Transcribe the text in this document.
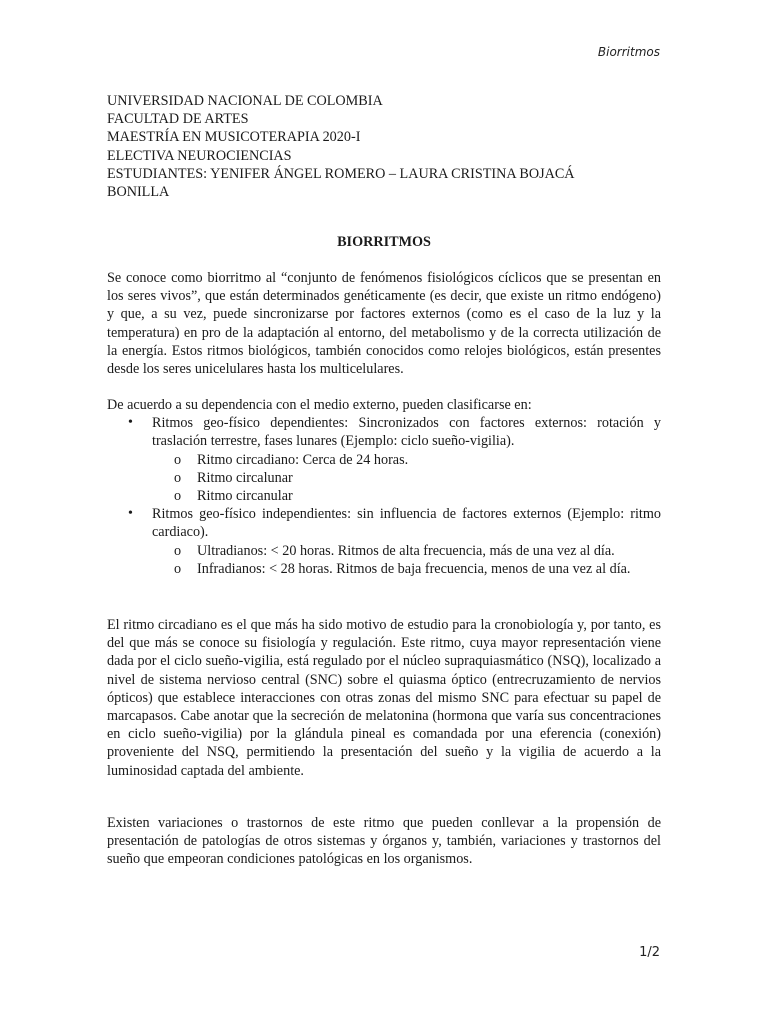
Biorritmos

UNIVERSIDAD NACIONAL DE COLOMBIA

FACULTAD DE ARTES

MAESTRÍA EN MUSICOTERAPIA 2020-I

ELECTIVA NEUROCIENCIAS

ESTUDIANTES: YENIFER ÁNGEL ROMERO – LAURA CRISTINA BOJACÁ

BONILLA

BIORRITMOS

Se conoce como biorritmo al “conjunto de fenómenos fisiológicos cíclicos que se presentan en los seres vivos”, que están determinados genéticamente (es decir, que existe un ritmo endógeno) y que, a su vez, puede sincronizarse por factores externos (como es el caso de la luz y la temperatura) en pro de la adaptación al entorno, del metabolismo y de la correcta utilización de la energía. Estos ritmos biológicos, también conocidos como relojes biológicos, están presentes desde los seres unicelulares hasta los multicelulares.

De acuerdo a su dependencia con el medio externo, pueden clasificarse en:

• Ritmos geo-físico dependientes: Sincronizados con factores externos: rotación y traslación terrestre, fases lunares (Ejemplo: ciclo sueño-vigilia).
o Ritmo circadiano: Cerca de 24 horas.
o Ritmo circalunar
o Ritmo circanular
• Ritmos geo-físico independientes: sin influencia de factores externos (Ejemplo: ritmo cardiaco).
o Ultradianos: < 20 horas. Ritmos de alta frecuencia, más de una vez al día.
o Infradianos: < 28 horas. Ritmos de baja frecuencia, menos de una vez al día.

El ritmo circadiano es el que más ha sido motivo de estudio para la cronobiología y, por tanto, es del que más se conoce su fisiología y regulación. Este ritmo, cuya mayor representación viene dada por el ciclo sueño-vigilia, está regulado por el núcleo supraquiasmático (NSQ), localizado a nivel de sistema nervioso central (SNC) sobre el quiasma óptico (entrecruzamiento de nervios ópticos) que establece interacciones con otras zonas del mismo SNC para efectuar su papel de marcapasos. Cabe anotar que la secreción de melatonina (hormona que varía sus concentraciones en ciclo sueño-vigilia) por la glándula pineal es comandada por una eferencia (conexión) proveniente del NSQ, permitiendo la presentación del sueño y la vigilia de acuerdo a la luminosidad captada del ambiente.

Existen variaciones o trastornos de este ritmo que pueden conllevar a la propensión de presentación de patologías de otros sistemas y órganos y, también, variaciones y trastornos del sueño que empeoran condiciones patológicas en los organismos.

1/2
